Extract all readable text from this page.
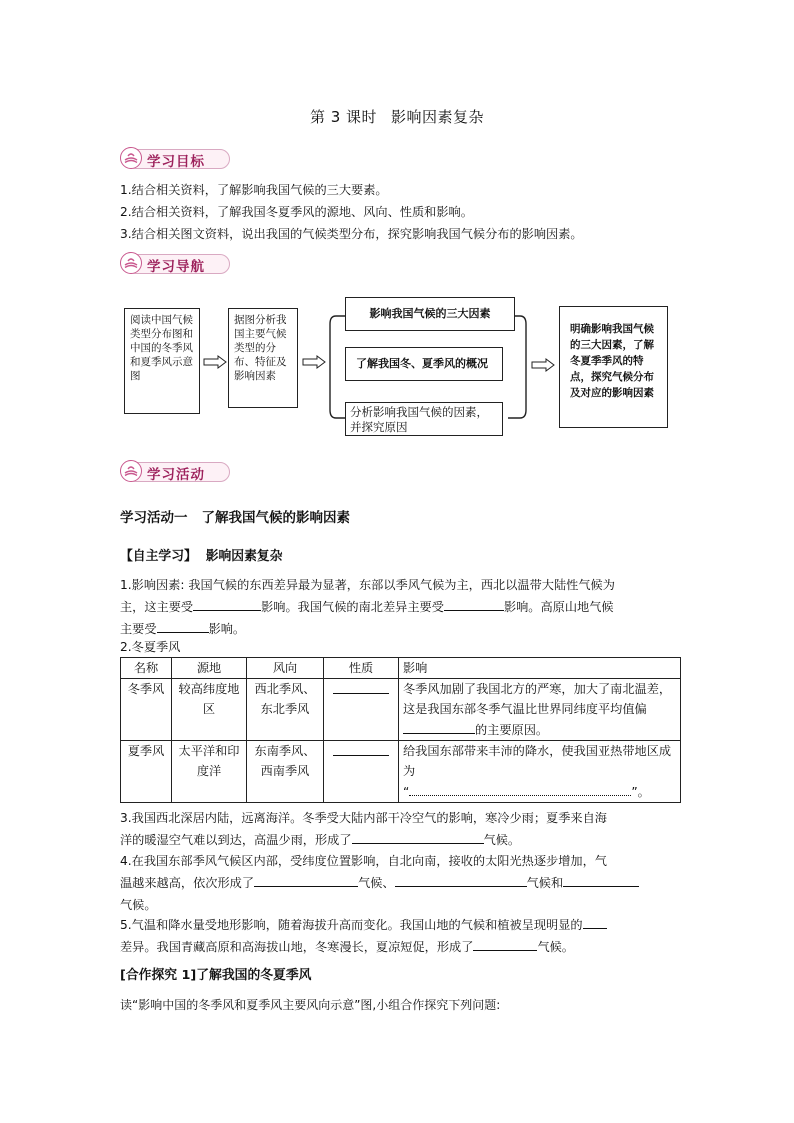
第 3 课时 影响因素复杂
学习目标
1.结合相关资料，了解影响我国气候的三大要素。
2.结合相关资料，了解我国冬夏季风的源地、风向、性质和影响。
3.结合相关图文资料，说出我国的气候类型分布，探究影响我国气候分布的影响因素。
学习导航
阅读中国气候类型分布图和中国的冬季风和夏季风示意图
据图分析我国主要气候类型的分布、特征及影响因素
影响我国气候的三大因素
了解我国冬、夏季风的概况
分析影响我国气候的因素，并探究原因
明确影响我国气候的三大因素，了解冬夏季季风的特点，探究气候分布及对应的影响因素
学习活动
学习活动一 了解我国气候的影响因素
【自主学习】 影响因素复杂
1.影响因素: 我国气候的东西差异最为显著，东部以季风气候为主，西北以温带大陆性气候为
主，这主要受	影响。我国气候的南北差异主要受	影响。高原山地气候
主要受	影响。
2.冬夏季风
名称	源地	风向	性质	影响
冬季风	较高纬度地区	西北季风、东北季风		冬季风加剧了我国北方的严寒，加大了南北温差，这是我国东部冬季气温比世界同纬度平均值偏的主要原因。
夏季风	太平洋和印度洋	东南季风、西南季风		给我国东部带来丰沛的降水，使我国亚热带地区成为
“ ”。
3.我国西北深居内陆，远离海洋。冬季受大陆内部干冷空气的影响，寒冷少雨；夏季来自海
洋的暖湿空气难以到达，高温少雨，形成了	气候。
4.在我国东部季风气候区内部，受纬度位置影响，自北向南，接收的太阳光热逐步增加，气
温越来越高，依次形成了	气候、	气候和
气候。
5.气温和降水量受地形影响，随着海拔升高而变化。我国山地的气候和植被呈现明显的
差异。我国青藏高原和高海拔山地，冬寒漫长，夏凉短促，形成了	气候。
[合作探究 1]了解我国的冬夏季风
读“影响中国的冬季风和夏季风主要风向示意”图,小组合作探究下列问题:
